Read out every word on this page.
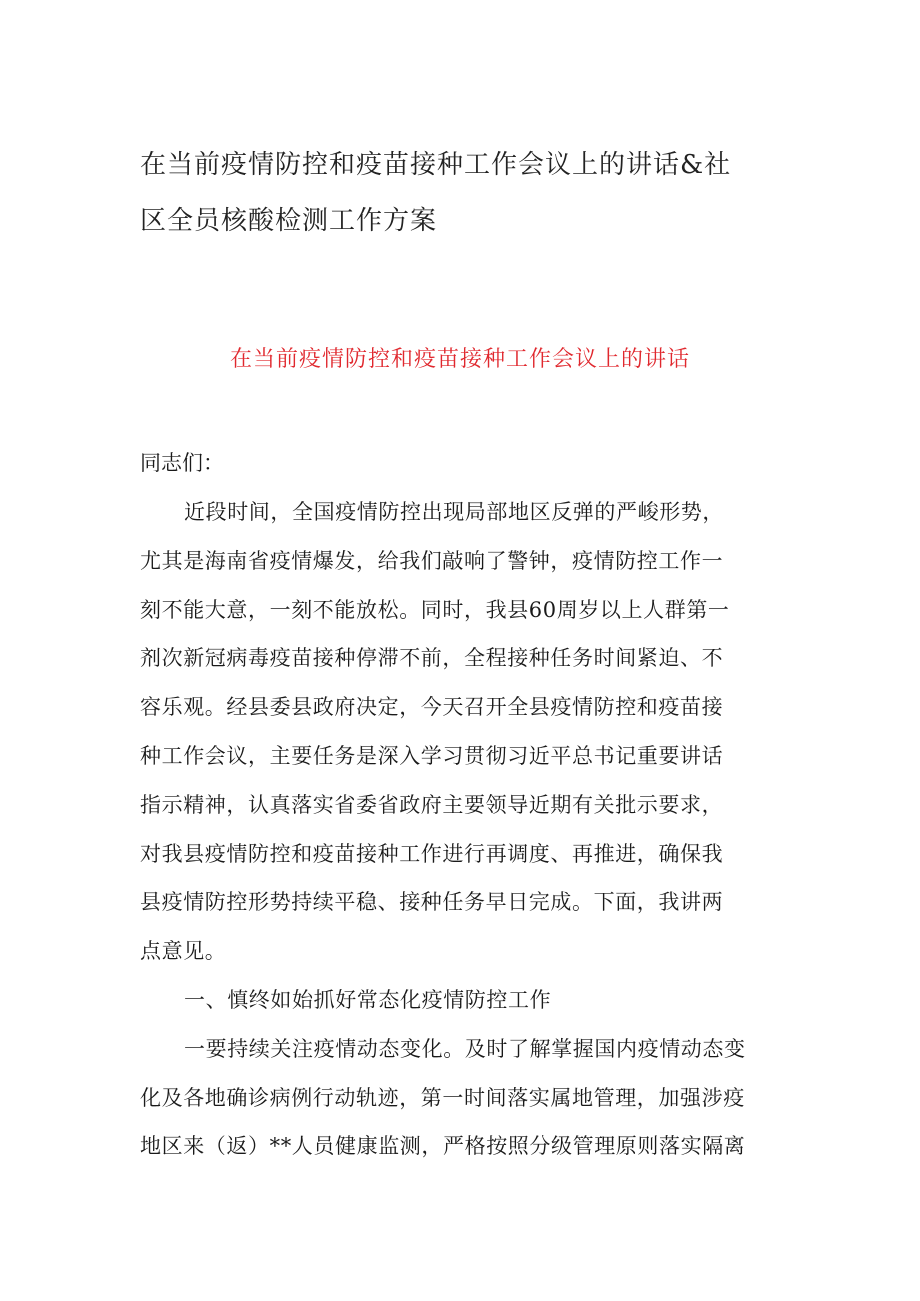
在当前疫情防控和疫苗接种工作会议上的讲话&社
区全员核酸检测工作方案
在当前疫情防控和疫苗接种工作会议上的讲话

同志们：

近段时间，全国疫情防控出现局部地区反弹的严峻形势，
尤其是海南省疫情爆发，给我们敲响了警钟，疫情防控工作一
刻不能大意，一刻不能放松。同时，我县60周岁以上人群第一
剂次新冠病毒疫苗接种停滞不前，全程接种任务时间紧迫、不
容乐观。经县委县政府决定，今天召开全县疫情防控和疫苗接
种工作会议，主要任务是深入学习贯彻习近平总书记重要讲话
指示精神，认真落实省委省政府主要领导近期有关批示要求，
对我县疫情防控和疫苗接种工作进行再调度、再推进，确保我
县疫情防控形势持续平稳、接种任务早日完成。下面，我讲两
点意见。
一、慎终如始抓好常态化疫情防控工作
一要持续关注疫情动态变化。及时了解掌握国内疫情动态变
化及各地确诊病例行动轨迹，第一时间落实属地管理，加强涉疫
地区来（返）**人员健康监测，严格按照分级管理原则落实隔离
